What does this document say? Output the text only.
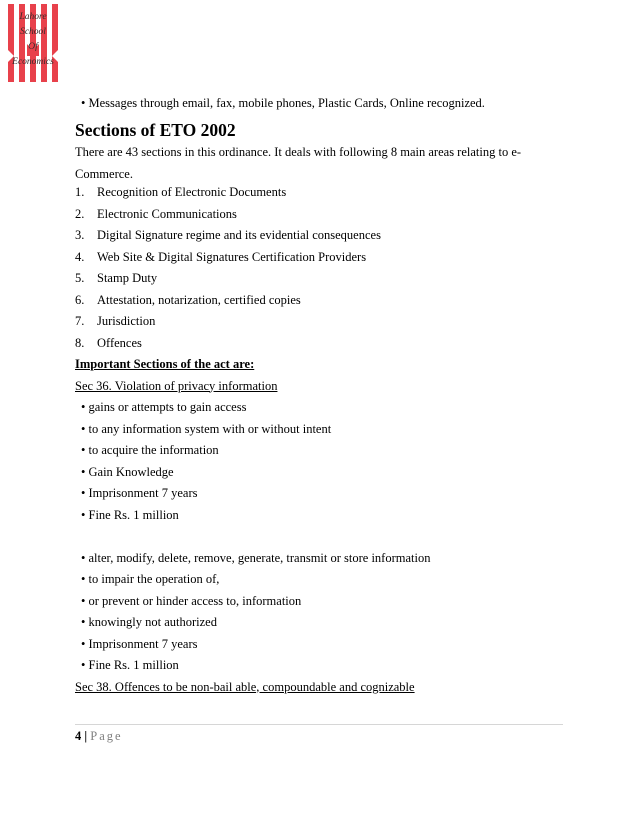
Lahore
School
Of
Economics
• Messages through email, fax, mobile phones, Plastic Cards, Online recognized.
Sections of ETO 2002
There are 43 sections in this ordinance. It deals with following 8 main areas relating to e-Commerce.
1. Recognition of Electronic Documents
2. Electronic Communications
3. Digital Signature regime and its evidential consequences
4. Web Site & Digital Signatures Certification Providers
5. Stamp Duty
6. Attestation, notarization, certified copies
7. Jurisdiction
8. Offences
Important Sections of the act are:
Sec 36. Violation of privacy information
• gains or attempts to gain access
• to any information system with or without intent
• to acquire the information
• Gain Knowledge
• Imprisonment 7 years
• Fine Rs. 1 million
• alter, modify, delete, remove, generate, transmit or store information
• to impair the operation of,
• or prevent or hinder access to, information
• knowingly not authorized
• Imprisonment 7 years
• Fine Rs. 1 million
Sec 38. Offences to be non-bail able, compoundable and cognizable
4 | Page
